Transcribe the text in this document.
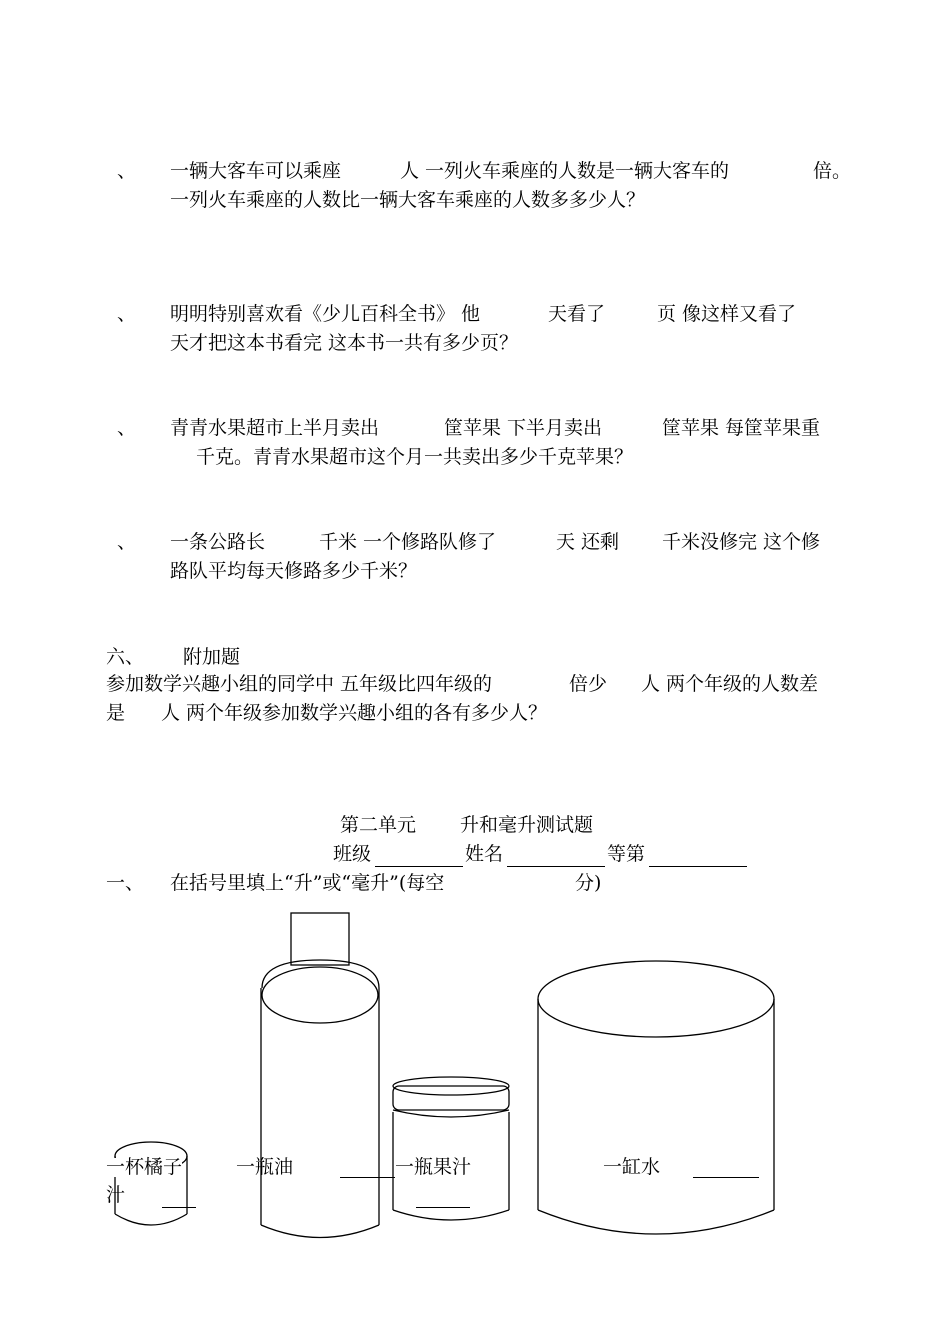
、 一辆大客车可以乘座	人 一列火车乘座的人数是一辆大客车的	倍。
一列火车乘座的人数比一辆大客车乘座的人数多多少人？
、 明明特别喜欢看《少儿百科全书》 他	天看了	页 像这样又看了
天才把这本书看完 这本书一共有多少页？
、 青青水果超市上半月卖出	筐苹果 下半月卖出	筐苹果 每筐苹果重
千克。青青水果超市这个月一共卖出多少千克苹果？
、 一条公路长	千米 一个修路队修了	天 还剩 千米没修完 这个修
路队平均每天修路多少千米？
六、 附加题
参加数学兴趣小组的同学中 五年级比四年级的	倍少 人 两个年级的人数差
是 人 两个年级参加数学兴趣小组的各有多少人？
第二单元 升和毫升测试题
班级	姓名	等第
一、 在括号里填上“升”或“毫升”(每空	分)
一杯橘子
汁
一瓶油	一瓶果汁	一缸水
